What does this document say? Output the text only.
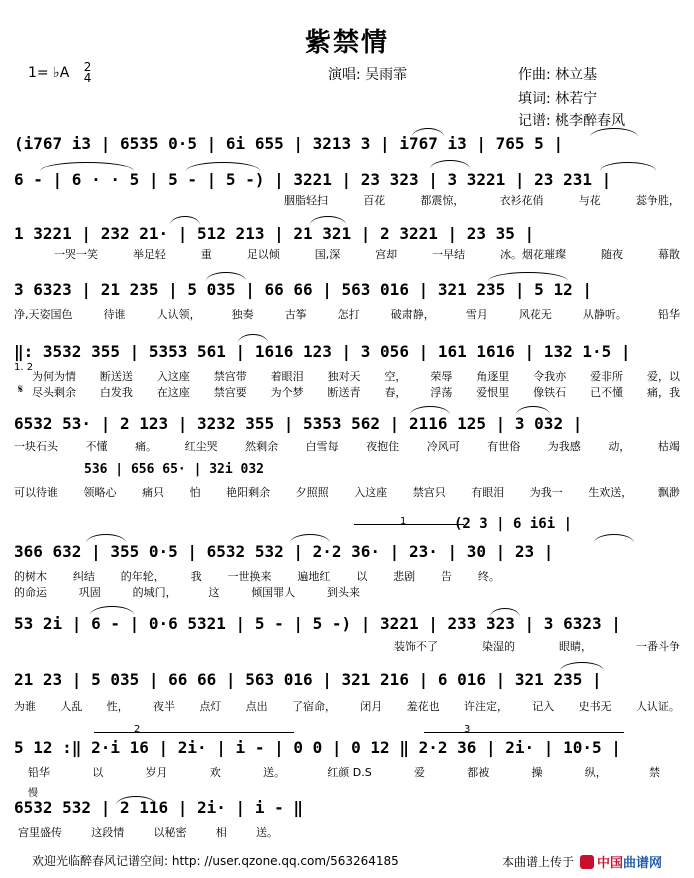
紫禁情
1= ♭A 2
4	演唱: 吴雨霏	作曲: 林立基
填词: 林若宁
记谱: 桃李醉春风
(i767 i3 | 6535 0·5 | 6i 655 | 3213 3 | i767 i3 | 765 5 |
6 - | 6 · · 5 | 5 - | 5 -) | 3221 | 23 323 | 3 3221 | 23 231 |
胭脂轻扫	百花	都震惊，	衣衫花俏	与花	蕊争胜，
1 3221 | 232 21· | 512 213 | 21 321 | 2 3221 | 23 35 |
一哭一笑	举足轻	重	足以倾	国,深	宫却	一早结	冰。烟花璀璨	随夜	幕散
3 6323 | 21 235 | 5 035 | 66 66 | 563 016 | 321 235 | 5 12 |
净,天姿国色	待谁	人认领，	独奏	古筝	怎打	破肃静，	雪月	风花无	从静听。	铅华
‖: 3532 355 | 5353 561 | 1616 123 | 3 056 | 161 1616 | 132 1·5 |
1. 2
为何为情 断送送 入这座 禁宫带 着眼泪 独对天 空， 荣辱 角逐里 令我亦 爱非所 爱，以
𝄋 尽头剩余 白发我 在这座 禁宫要 为个梦 断送青 春， 浮荡 爱恨里 像铁石 已不懂 痛，我
6532 53· | 2 123 | 3232 355 | 5353 562 | 2116 125 | 3 032 |
一块石头	不懂	痛。	红尘哭	然剩余	白雪每	夜抱住	冷风可	有世俗	为我感	动，	枯竭
536 | 656 65· | 32i 032
可以待谁 领略心 痛只 怕 艳阳剩余 夕照照 入这座 禁宫只 有眼泪 为我一 生欢送， 飘渺
1	(2 3 | 6 i6i |
366 632 | 355 0·5 | 6532 532 | 2·2 36· | 23· | 30 | 23 |
的树木 纠结 的年轮， 我 一世换来 遍地红 以 悲剧 告 终。
的命运	巩固	的城门，	这	倾国罪人	到头来
53 2i | 6 - | 0·6 5321 | 5 - | 5 -) | 3221 | 233 323 | 3 6323 |
装饰不了	染湿的	眼睛，	一番斗争
21 23 | 5 035 | 66 66 | 563 016 | 321 216 | 6 016 | 321 235 |
为谁 人乱 性， 夜半 点灯 点出 了宿命， 闭月 羞花也 许注定， 记入 史书无 人认证。
2	3
5 12 :‖ 2·i 16 | 2i· | i - | 0 0 | 0 12 ‖ 2·2 36 | 2i· | 10·5 |
铅华	以	岁月	欢	送。	红颜 D.S	爱	都被	操	纵，	禁
慢
6532 532 | 2 116 | 2i· | i - ‖
宫里盛传	这段情	以秘密	相	送。
欢迎光临醉春风记谱空间: http: //user.qzone.qq.com/563264185	本曲谱上传于 中国 曲谱网
